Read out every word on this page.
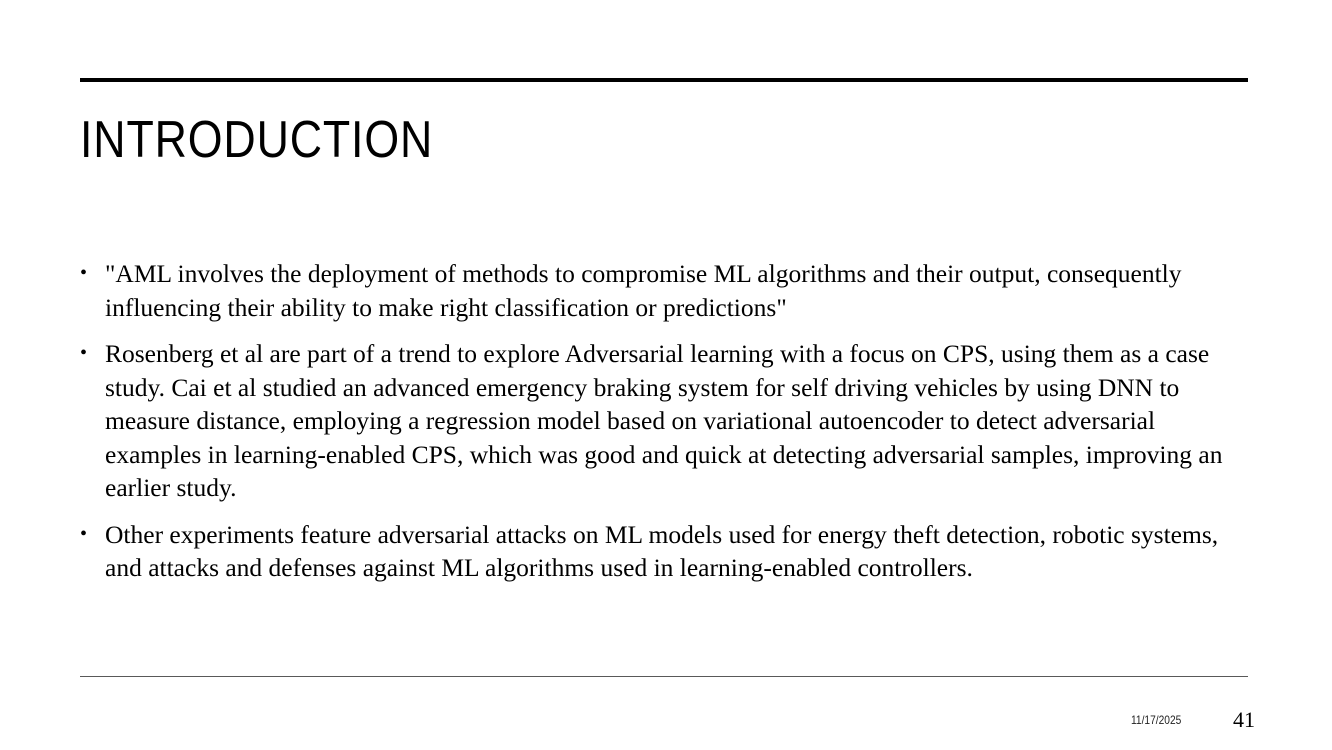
INTRODUCTION
• "AML involves the deployment of methods to compromise ML algorithms and their output, consequently influencing their ability to make right classification or predictions"
• Rosenberg et al are part of a trend to explore Adversarial learning with a focus on CPS, using them as a case study. Cai et al studied an advanced emergency braking system for self driving vehicles by using DNN to measure distance, employing a regression model based on variational autoencoder to detect adversarial examples in learning-enabled CPS, which was good and quick at detecting adversarial samples, improving an earlier study.
• Other experiments feature adversarial attacks on ML models used for energy theft detection, robotic systems, and attacks and defenses against ML algorithms used in learning-enabled controllers.
11/17/2025 41
